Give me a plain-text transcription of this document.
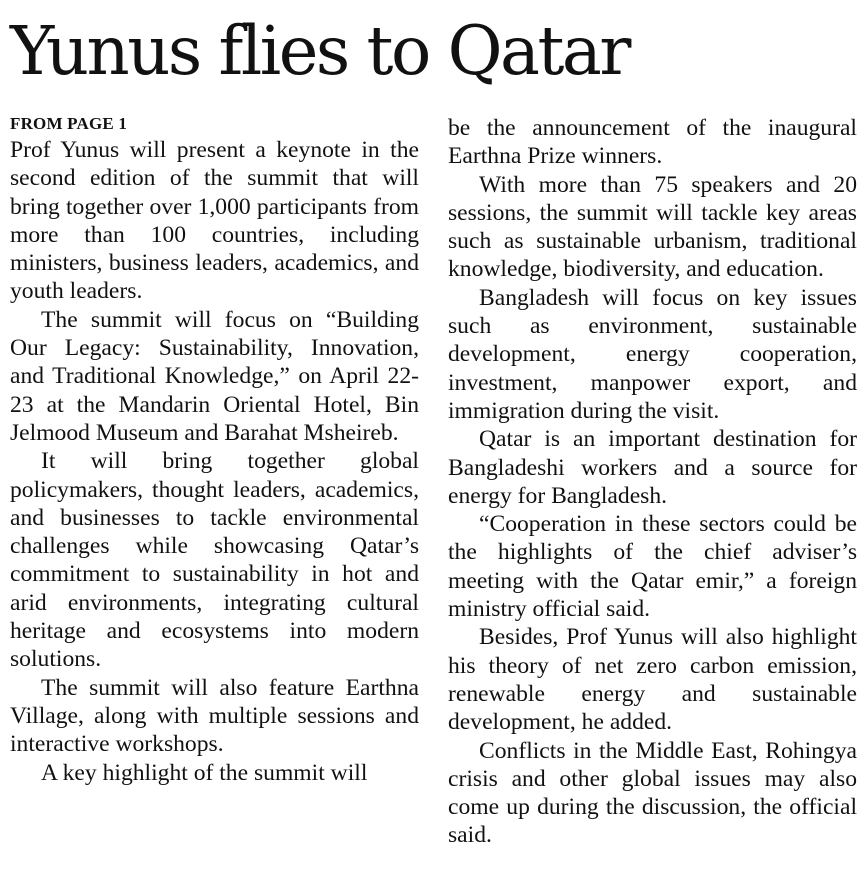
Yunus flies to Qatar
FROM PAGE 1

Prof Yunus will present a keynote in the second edition of the summit that will bring together over 1,000 participants from more than 100 countries, including ministers, business leaders, academics, and youth leaders.

The summit will focus on “Building Our Legacy: Sustainability, Innovation, and Traditional Knowledge,” on April 22-23 at the Mandarin Oriental Hotel, Bin Jelmood Museum and Barahat Msheireb.

It will bring together global policymakers, thought leaders, academics, and businesses to tackle environmental challenges while showcasing Qatar’s commitment to sustainability in hot and arid environments, integrating cultural heritage and ecosystems into modern solutions.

The summit will also feature Earthna Village, along with multiple sessions and interactive workshops.

A key highlight of the summit will

be the announcement of the inaugural Earthna Prize winners.

With more than 75 speakers and 20 sessions, the summit will tackle key areas such as sustainable urbanism, traditional knowledge, biodiversity, and education.

Bangladesh will focus on key issues such as environment, sustainable development, energy cooperation, investment, manpower export, and immigration during the visit.

Qatar is an important destination for Bangladeshi workers and a source for energy for Bangladesh.

“Cooperation in these sectors could be the highlights of the chief adviser’s meeting with the Qatar emir,” a foreign ministry official said.

Besides, Prof Yunus will also highlight his theory of net zero carbon emission, renewable energy and sustainable development, he added.

Conflicts in the Middle East, Rohingya crisis and other global issues may also come up during the discussion, the official said.
